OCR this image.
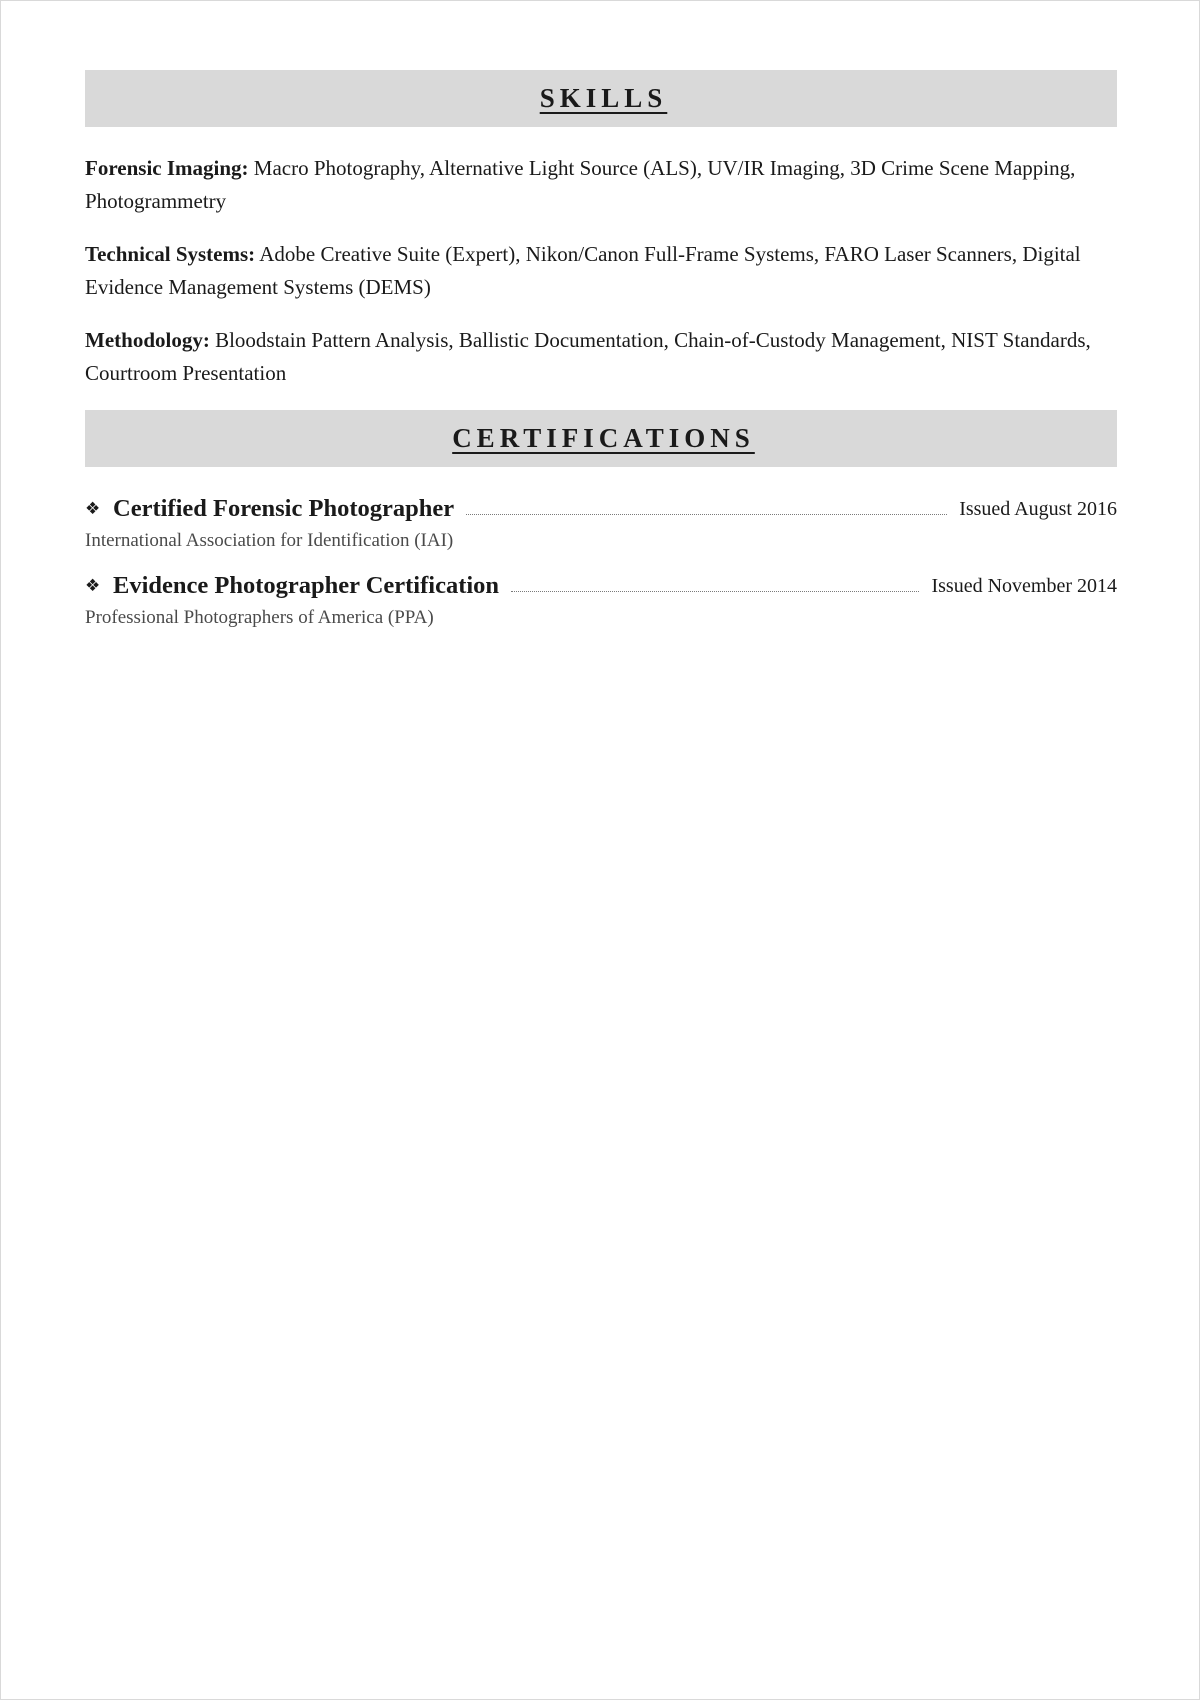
SKILLS
Forensic Imaging: Macro Photography, Alternative Light Source (ALS), UV/IR Imaging, 3D Crime Scene Mapping, Photogrammetry
Technical Systems: Adobe Creative Suite (Expert), Nikon/Canon Full-Frame Systems, FARO Laser Scanners, Digital Evidence Management Systems (DEMS)
Methodology: Bloodstain Pattern Analysis, Ballistic Documentation, Chain-of-Custody Management, NIST Standards, Courtroom Presentation
CERTIFICATIONS
❖ Certified Forensic Photographer	Issued August 2016
International Association for Identification (IAI)
❖ Evidence Photographer Certification	Issued November 2014
Professional Photographers of America (PPA)
